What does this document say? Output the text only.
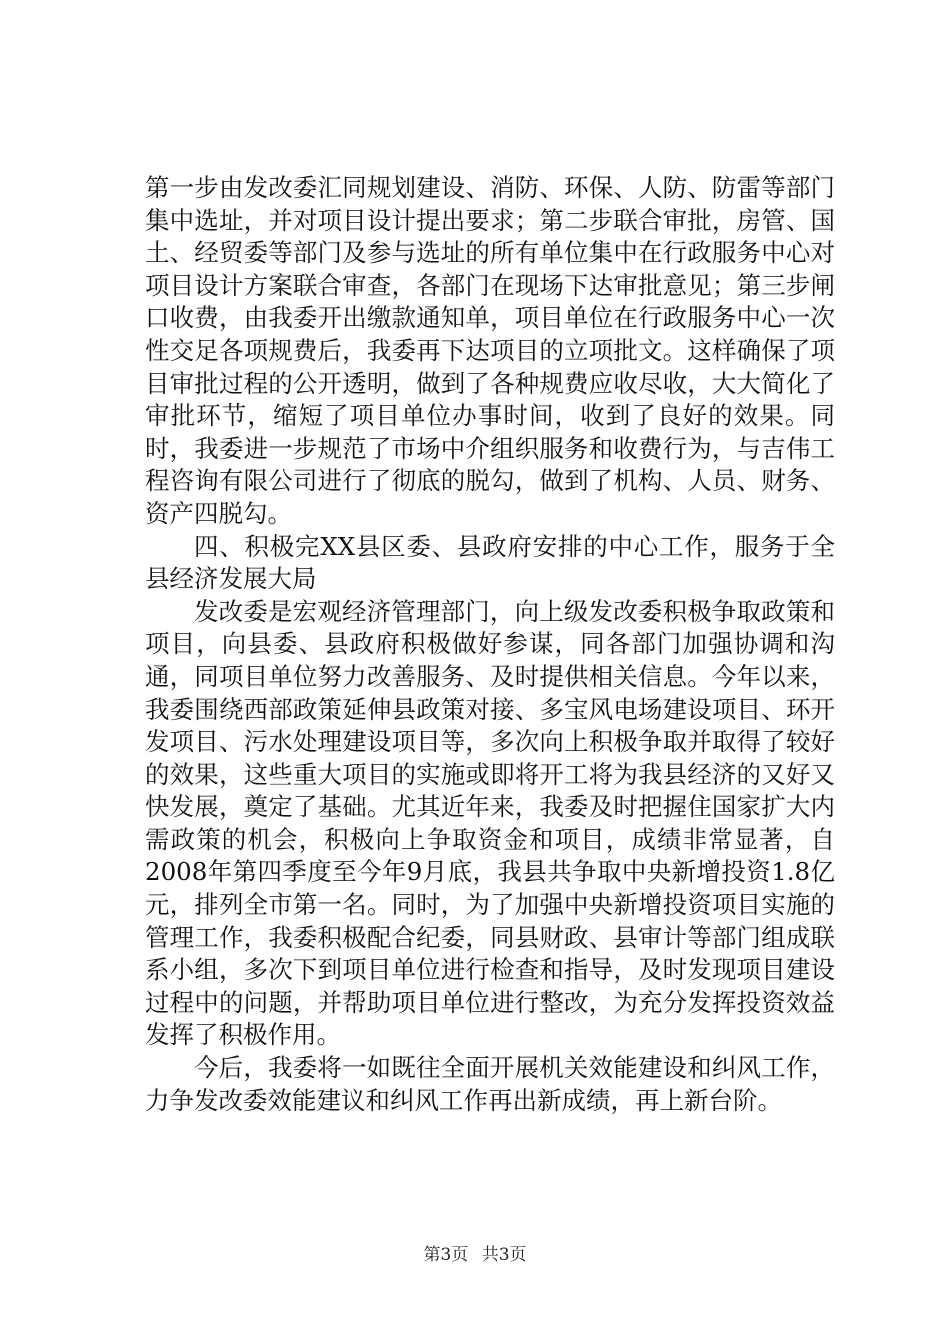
第一步由发改委汇同规划建设、消防、环保、人防、防雷等部门集中选址，并对项目设计提出要求；第二步联合审批，房管、国土、经贸委等部门及参与选址的所有单位集中在行政服务中心对项目设计方案联合审查，各部门在现场下达审批意见；第三步闸口收费，由我委开出缴款通知单，项目单位在行政服务中心一次性交足各项规费后，我委再下达项目的立项批文。这样确保了项目审批过程的公开透明，做到了各种规费应收尽收，大大简化了审批环节，缩短了项目单位办事时间，收到了良好的效果。同时，我委进一步规范了市场中介组织服务和收费行为，与吉伟工程咨询有限公司进行了彻底的脱勾，做到了机构、人员、财务、资产四脱勾。

四、积极完XX县区委、县政府安排的中心工作，服务于全县经济发展大局

发改委是宏观经济管理部门，向上级发改委积极争取政策和项目，向县委、县政府积极做好参谋，同各部门加强协调和沟通，同项目单位努力改善服务、及时提供相关信息。今年以来，我委围绕西部政策延伸县政策对接、多宝风电场建设项目、环开发项目、污水处理建设项目等，多次向上积极争取并取得了较好的效果，这些重大项目的实施或即将开工将为我县经济的又好又快发展，奠定了基础。尤其近年来，我委及时把握住国家扩大内需政策的机会，积极向上争取资金和项目，成绩非常显著，自2008年第四季度至今年9月底，我县共争取中央新增投资1.8亿元，排列全市第一名。同时，为了加强中央新增投资项目实施的管理工作，我委积极配合纪委，同县财政、县审计等部门组成联系小组，多次下到项目单位进行检查和指导，及时发现项目建设过程中的问题，并帮助项目单位进行整改，为充分发挥投资效益发挥了积极作用。

今后，我委将一如既往全面开展机关效能建设和纠风工作，力争发改委效能建议和纠风工作再出新成绩，再上新台阶。

第3页 共3页
